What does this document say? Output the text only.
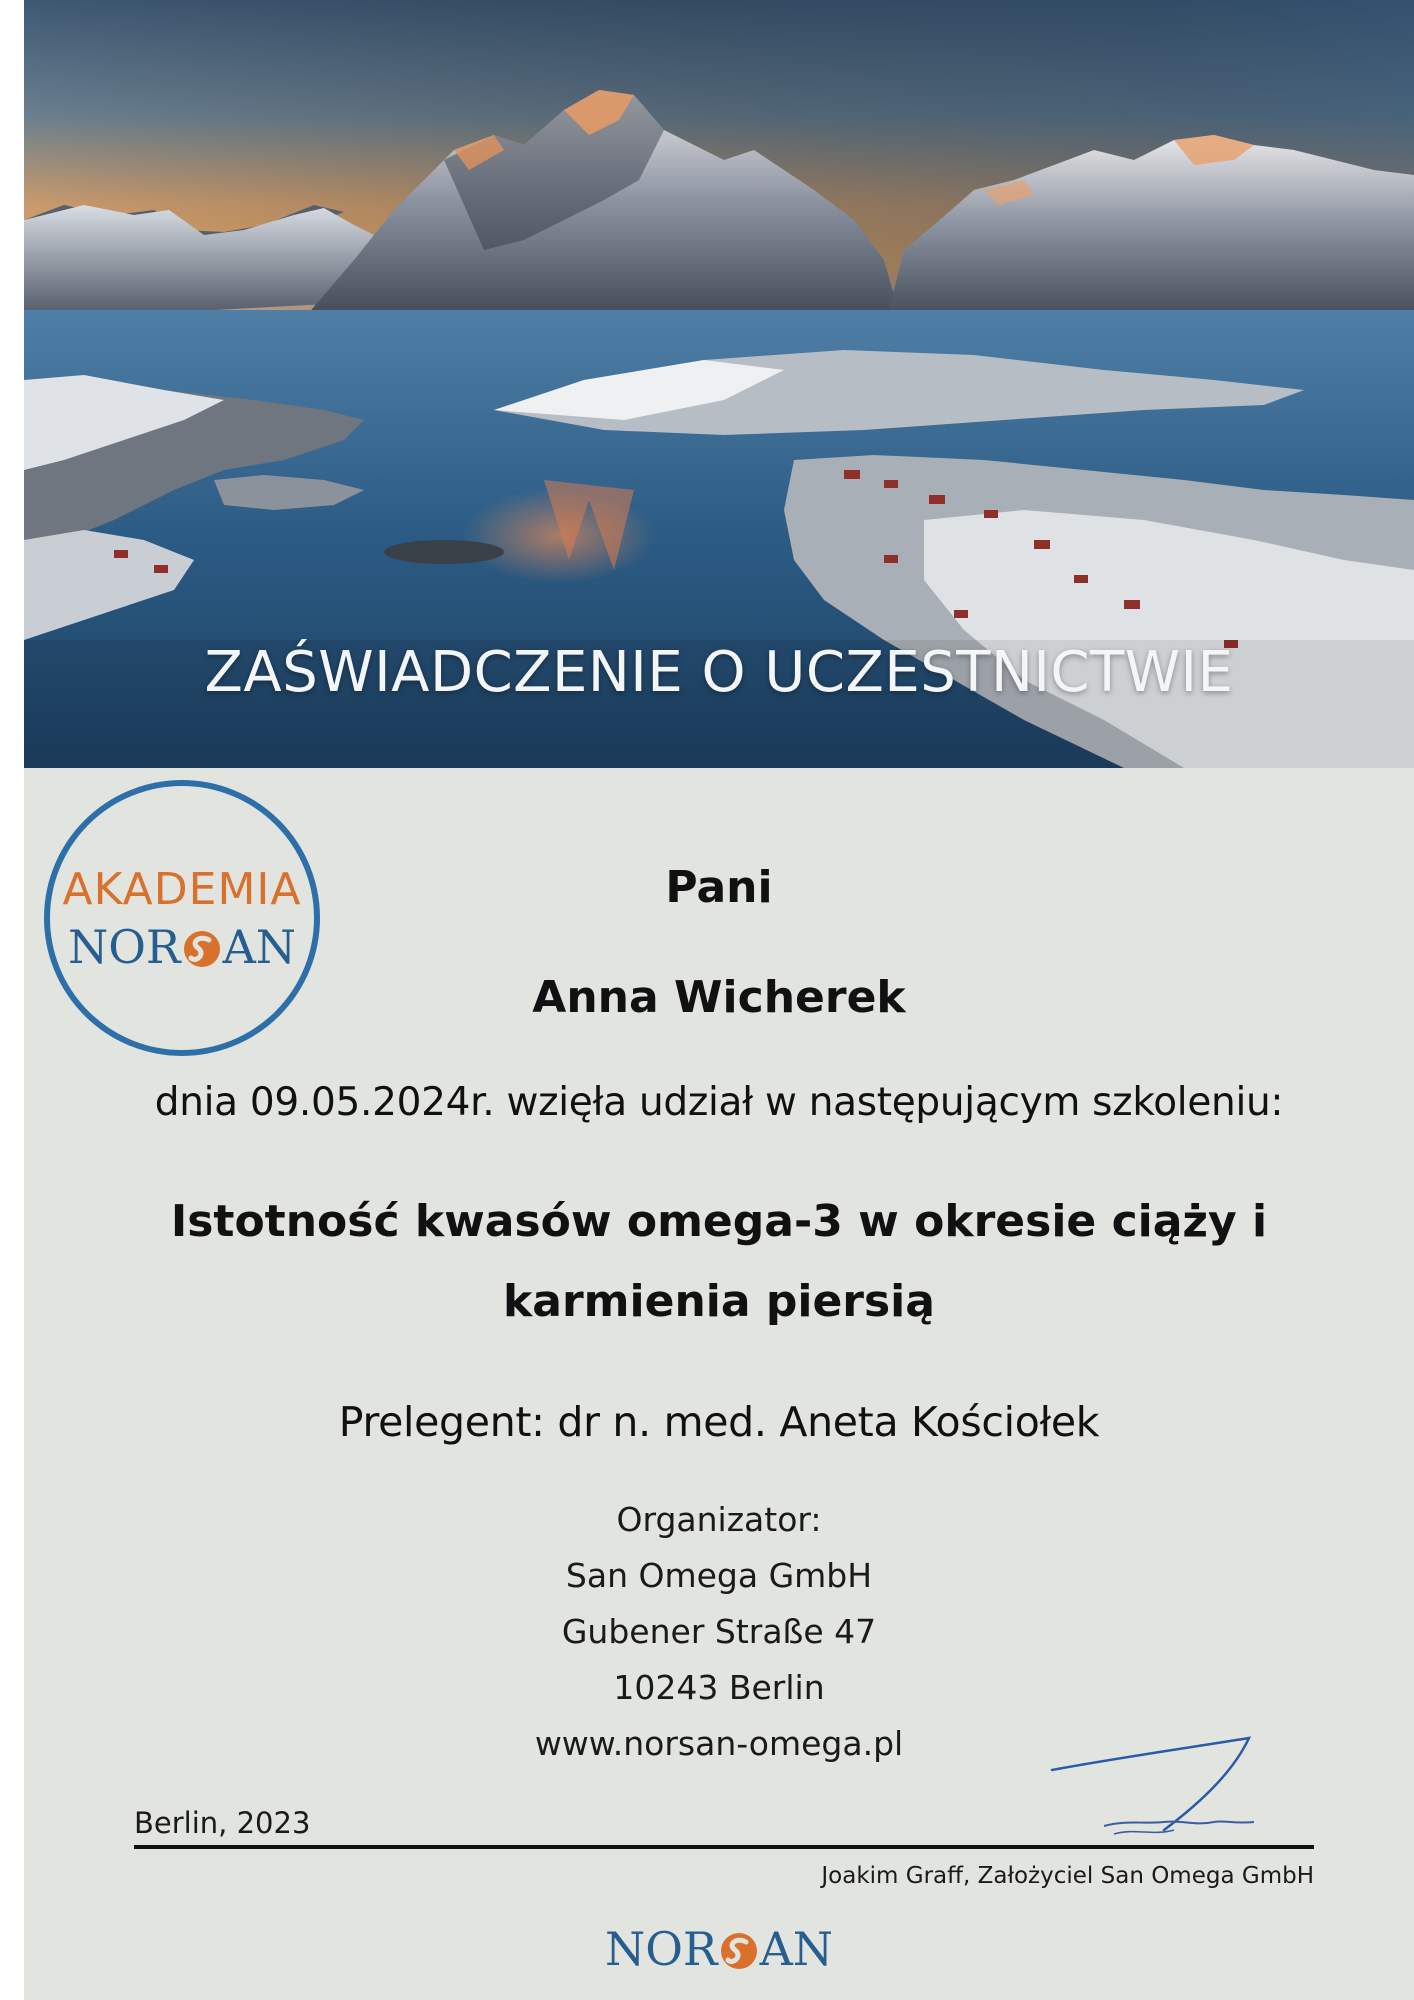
ZAŚWIADCZENIE O UCZESTNICTWIE
AKADEMIA
NOR AN
Pani
Anna Wicherek
dnia 09.05.2024r. wzięła udział w następującym szkoleniu:
Istotność kwasów omega-3 w okresie ciąży i
karmienia piersią
Prelegent: dr n. med. Aneta Kościołek
Organizator:
San Omega GmbH
Gubener Straße 47
10243 Berlin
www.norsan-omega.pl
Berlin, 2023
Joakim Graff, Założyciel San Omega GmbH
NOR AN
